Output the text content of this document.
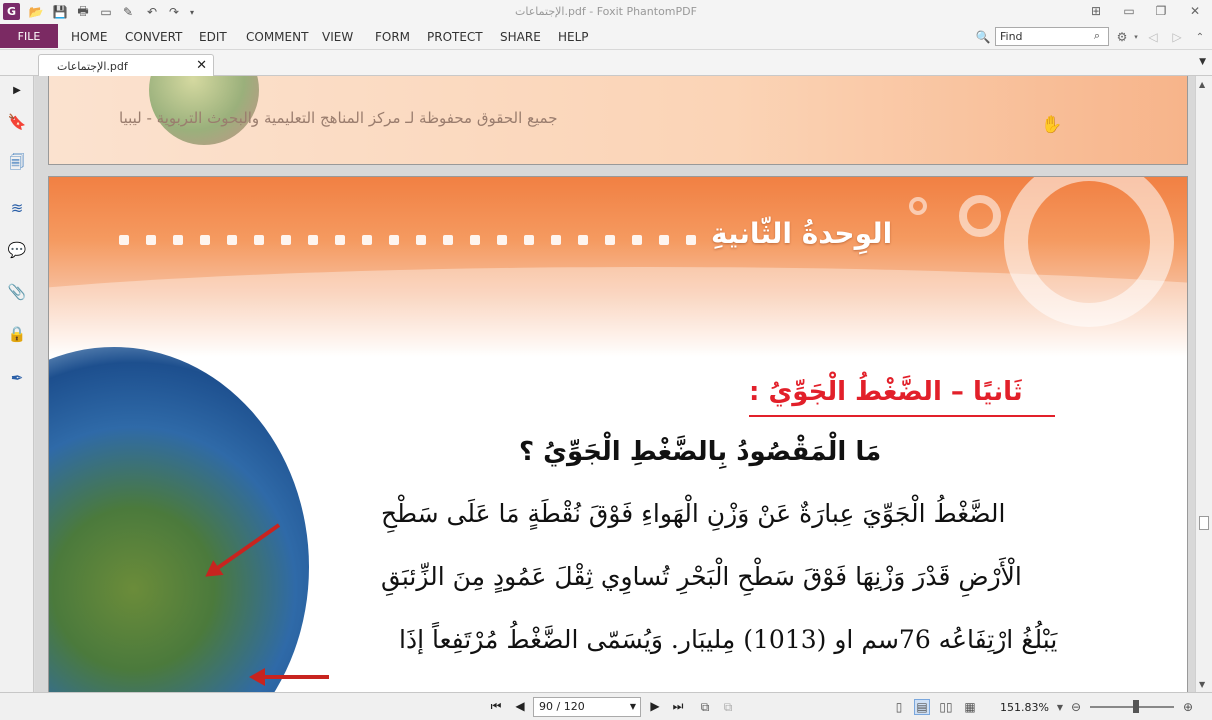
G	📂 💾 🖶 ▭ ✎ ↶ ↷	▾	الإجتماعات.pdf - Foxit PhantomPDF	⊞	▭	❐	✕
FILE	HOME CONVERT EDIT COMMENT VIEW FORM PROTECT SHARE HELP	🔍 Find	⌕	⚙ ▾ ◁ ▷	⌃
الإجتماعات.pdf	✕	▼
▶
🔖
🗐
≋
💬
📎
🔒
✒
جميع الحقوق محفوظة لـ مركز المناهج التعليمية والبحوث التربوية - ليبيا
الوِحدةُ الثّانيةِ
ثَانيًا – الضَّغْطُ الْجَوِّيُ :
مَا الْمَقْصُودُ بِالضَّغْطِ الْجَوِّيُ ؟
الضَّغْطُ الْجَوِّيَ عِبارَةٌ عَنْ وَزْنِ الْهَواءِ فَوْقَ نُقْطَةٍ مَا عَلَى سَطْحِ
الْأَرْضِ قَدْرَ وَزْنِهَا فَوْقَ سَطْحِ الْبَحْرِ تُساوِي ثِقْلَ عَمُودٍ مِنَ الزِّئبَقِ
يَبْلُغُ ارْتِفَاعُه 76سم او (1013) مِليبَار. وَيُسَمّى الضَّغْطُ مُرْتَفِعاً إذَا
✋
▲
▼
⏮ ◀	90 / 120	▼ ▶ ⏭	⧉	⧉	▯	▤ ▯▯ ▦ 151.83% ▼ ⊖	⊕
